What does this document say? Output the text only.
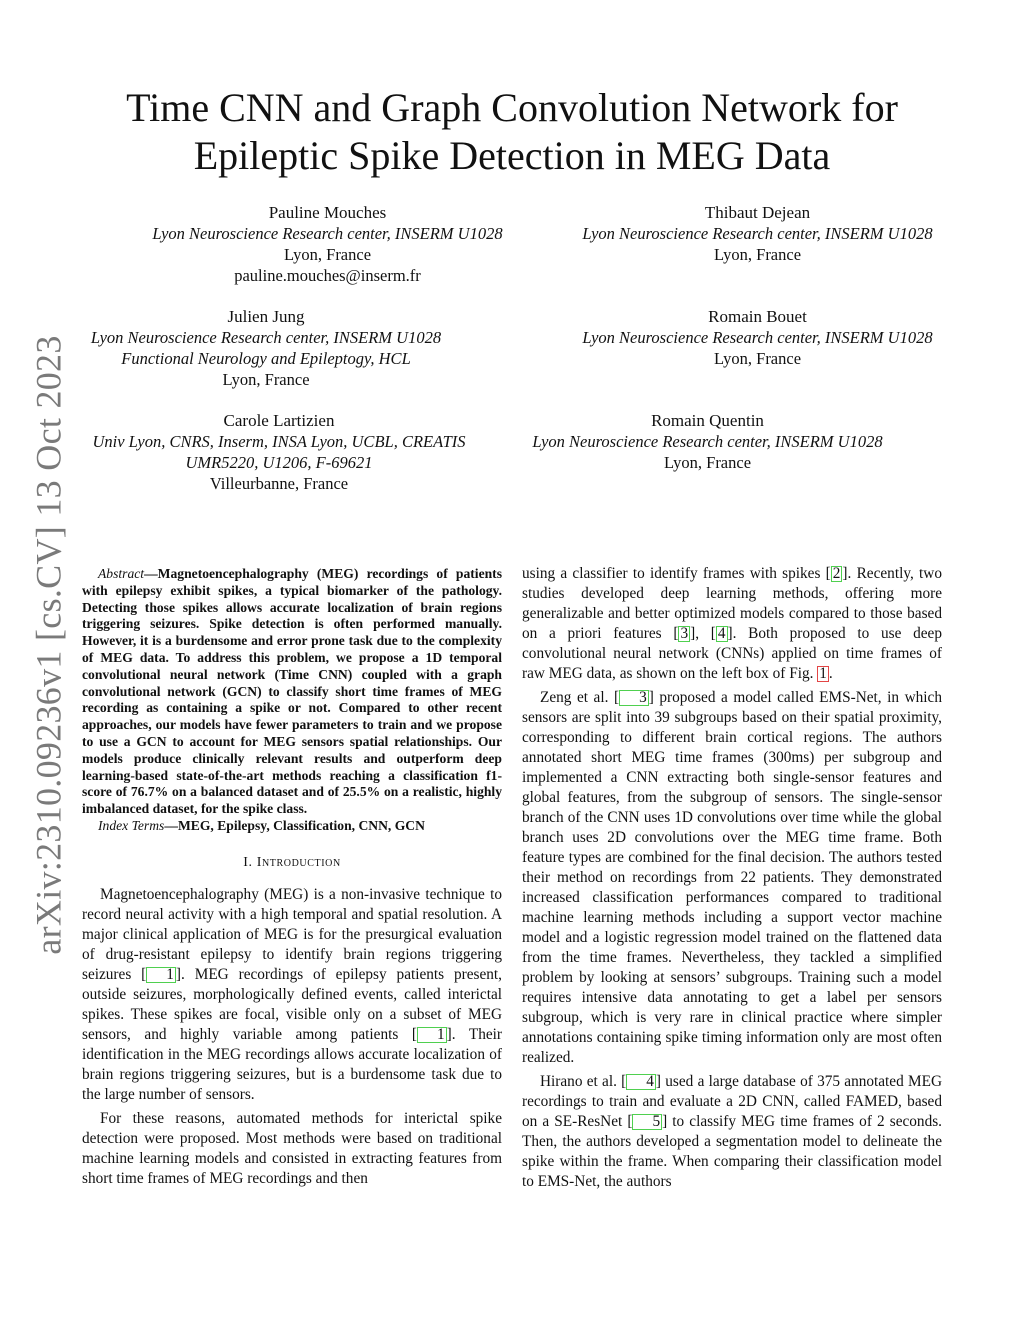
arXiv:2310.09236v1 [cs.CV] 13 Oct 2023
Time CNN and Graph Convolution Network for
Epileptic Spike Detection in MEG Data
Pauline Mouches
Lyon Neuroscience Research center, INSERM U1028
Lyon, France
pauline.mouches@inserm.fr
Thibaut Dejean
Lyon Neuroscience Research center, INSERM U1028
Lyon, France
Julien Jung
Lyon Neuroscience Research center, INSERM U1028
Functional Neurology and Epileptogy, HCL
Lyon, France
Romain Bouet
Lyon Neuroscience Research center, INSERM U1028
Lyon, France
Carole Lartizien
Univ Lyon, CNRS, Inserm, INSA Lyon, UCBL, CREATIS
UMR5220, U1206, F-69621
Villeurbanne, France
Romain Quentin
Lyon Neuroscience Research center, INSERM U1028
Lyon, France

Abstract—Magnetoencephalography (MEG) recordings of patients with epilepsy exhibit spikes, a typical biomarker of the pathology. Detecting those spikes allows accurate localization of brain regions triggering seizures. Spike detection is often performed manually. However, it is a burdensome and error prone task due to the complexity of MEG data. To address this problem, we propose a 1D temporal convolutional neural network (Time CNN) coupled with a graph convolutional network (GCN) to classify short time frames of MEG recording as containing a spike or not. Compared to other recent approaches, our models have fewer parameters to train and we propose to use a GCN to account for MEG sensors spatial relationships. Our models produce clinically relevant results and outperform deep learning-based state-of-the-art methods reaching a classification f1-score of 76.7% on a balanced dataset and of 25.5% on a realistic, highly imbalanced dataset, for the spike class.

Index Terms—MEG, Epilepsy, Classification, CNN, GCN

I. Introduction

Magnetoencephalography (MEG) is a non-invasive technique to record neural activity with a high temporal and spatial resolution. A major clinical application of MEG is for the presurgical evaluation of drug-resistant epilepsy to identify brain regions triggering seizures [ 1 ]. MEG recordings of epilepsy patients present, outside seizures, morphologically defined events, called interictal spikes. These spikes are focal, visible only on a subset of MEG sensors, and highly variable among patients [ 1 ]. Their identification in the MEG recordings allows accurate localization of brain regions triggering seizures, but is a burdensome task due to the large number of sensors.

For these reasons, automated methods for interictal spike detection were proposed. Most methods were based on traditional machine learning models and consisted in extracting features from short time frames of MEG recordings and then

using a classifier to identify frames with spikes [ 2 ]. Recently, two studies developed deep learning methods, offering more generalizable and better optimized models compared to those based on a priori features [ 3 ], [ 4 ]. Both proposed to use deep convolutional neural network (CNNs) applied on time frames of raw MEG data, as shown on the left box of Fig. 1 .

Zeng et al. [ 3 ] proposed a model called EMS-Net, in which sensors are split into 39 subgroups based on their spatial proximity, corresponding to different brain cortical regions. The authors annotated short MEG time frames (300ms) per subgroup and implemented a CNN extracting both single-sensor features and global features, from the subgroup of sensors. The single-sensor branch of the CNN uses 1D convolutions over time while the global branch uses 2D convolutions over the MEG time frame. Both feature types are combined for the final decision. The authors tested their method on recordings from 22 patients. They demonstrated increased classification performances compared to traditional machine learning methods including a support vector machine model and a logistic regression model trained on the flattened data from the time frames. Nevertheless, they tackled a simplified problem by looking at sensors’ subgroups. Training such a model requires intensive data annotating to get a label per sensors subgroup, which is very rare in clinical practice where simpler annotations containing spike timing information only are most often realized.

Hirano et al. [ 4 ] used a large database of 375 annotated MEG recordings to train and evaluate a 2D CNN, called FAMED, based on a SE-ResNet [ 5 ] to classify MEG time frames of 2 seconds. Then, the authors developed a segmentation model to delineate the spike within the frame. When comparing their classification model to EMS-Net, the authors
